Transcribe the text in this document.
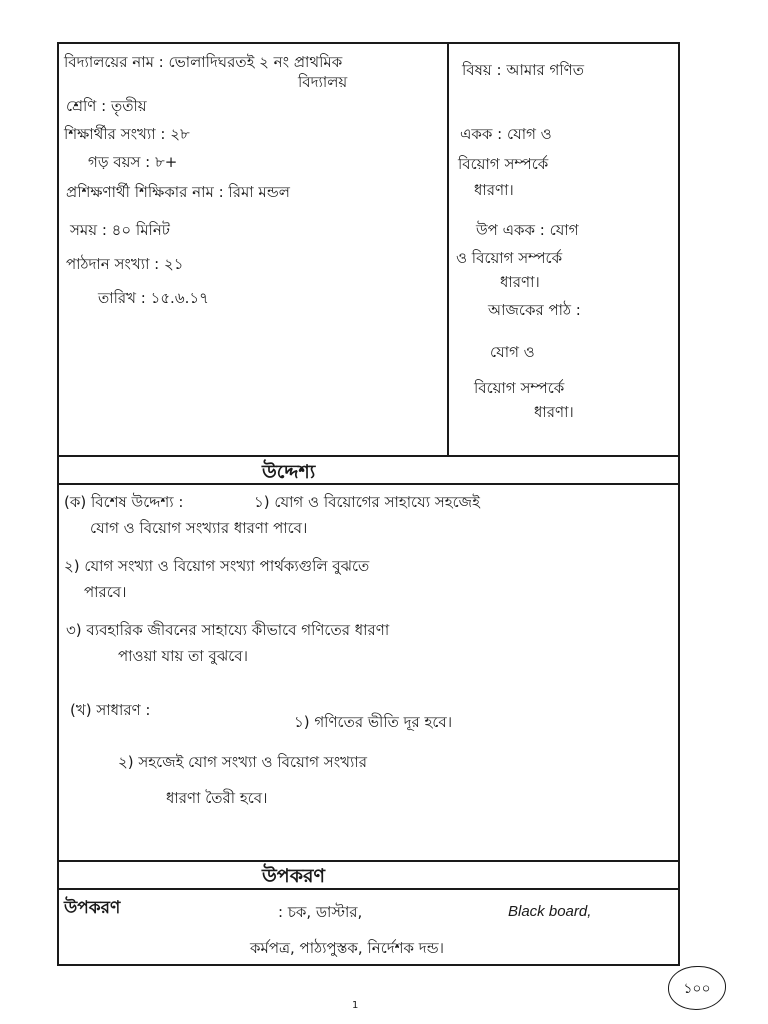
বিদ্যালয়ের নাম : ভোলাদিঘরতই ২ নং প্রাথমিক
বিদ্যালয়
শ্রেণি : তৃতীয়
শিক্ষার্থীর সংখ্যা : ২৮
গড় বয়স : ৮+
প্রশিক্ষণার্থী শিক্ষিকার নাম : রিমা মন্ডল
সময় : ৪০ মিনিট
পাঠদান সংখ্যা : ২১
তারিখ : ১৫.৬.১৭
বিষয় : আমার গণিত
একক : যোগ ও
বিয়োগ সম্পর্কে
ধারণা।
উপ একক : যোগ
ও বিয়োগ সম্পর্কে
ধারণা।
আজকের পাঠ :
যোগ ও
বিয়োগ সম্পর্কে
ধারণা।
উদ্দেশ্য
(ক) বিশেষ উদ্দেশ্য :	১) যোগ ও বিয়োগের সাহায্যে সহজেই
যোগ ও বিয়োগ সংখ্যার ধারণা পাবে।
২) যোগ সংখ্যা ও বিয়োগ সংখ্যা পার্থক্যগুলি বুঝতে
পারবে।
৩) ব্যবহারিক জীবনের সাহায্যে কীভাবে গণিতের ধারণা
পাওয়া যায় তা বুঝবে।
(খ) সাধারণ :
১) গণিতের ভীতি দূর হবে।
২) সহজেই যোগ সংখ্যা ও বিয়োগ সংখ্যার
ধারণা তৈরী হবে।
উপকরণ
উপকরণ	: চক, ডাস্টার,	Black board,
কর্মপত্র, পাঠ্যপুস্তক, নির্দেশক দন্ড।
১০০
1
